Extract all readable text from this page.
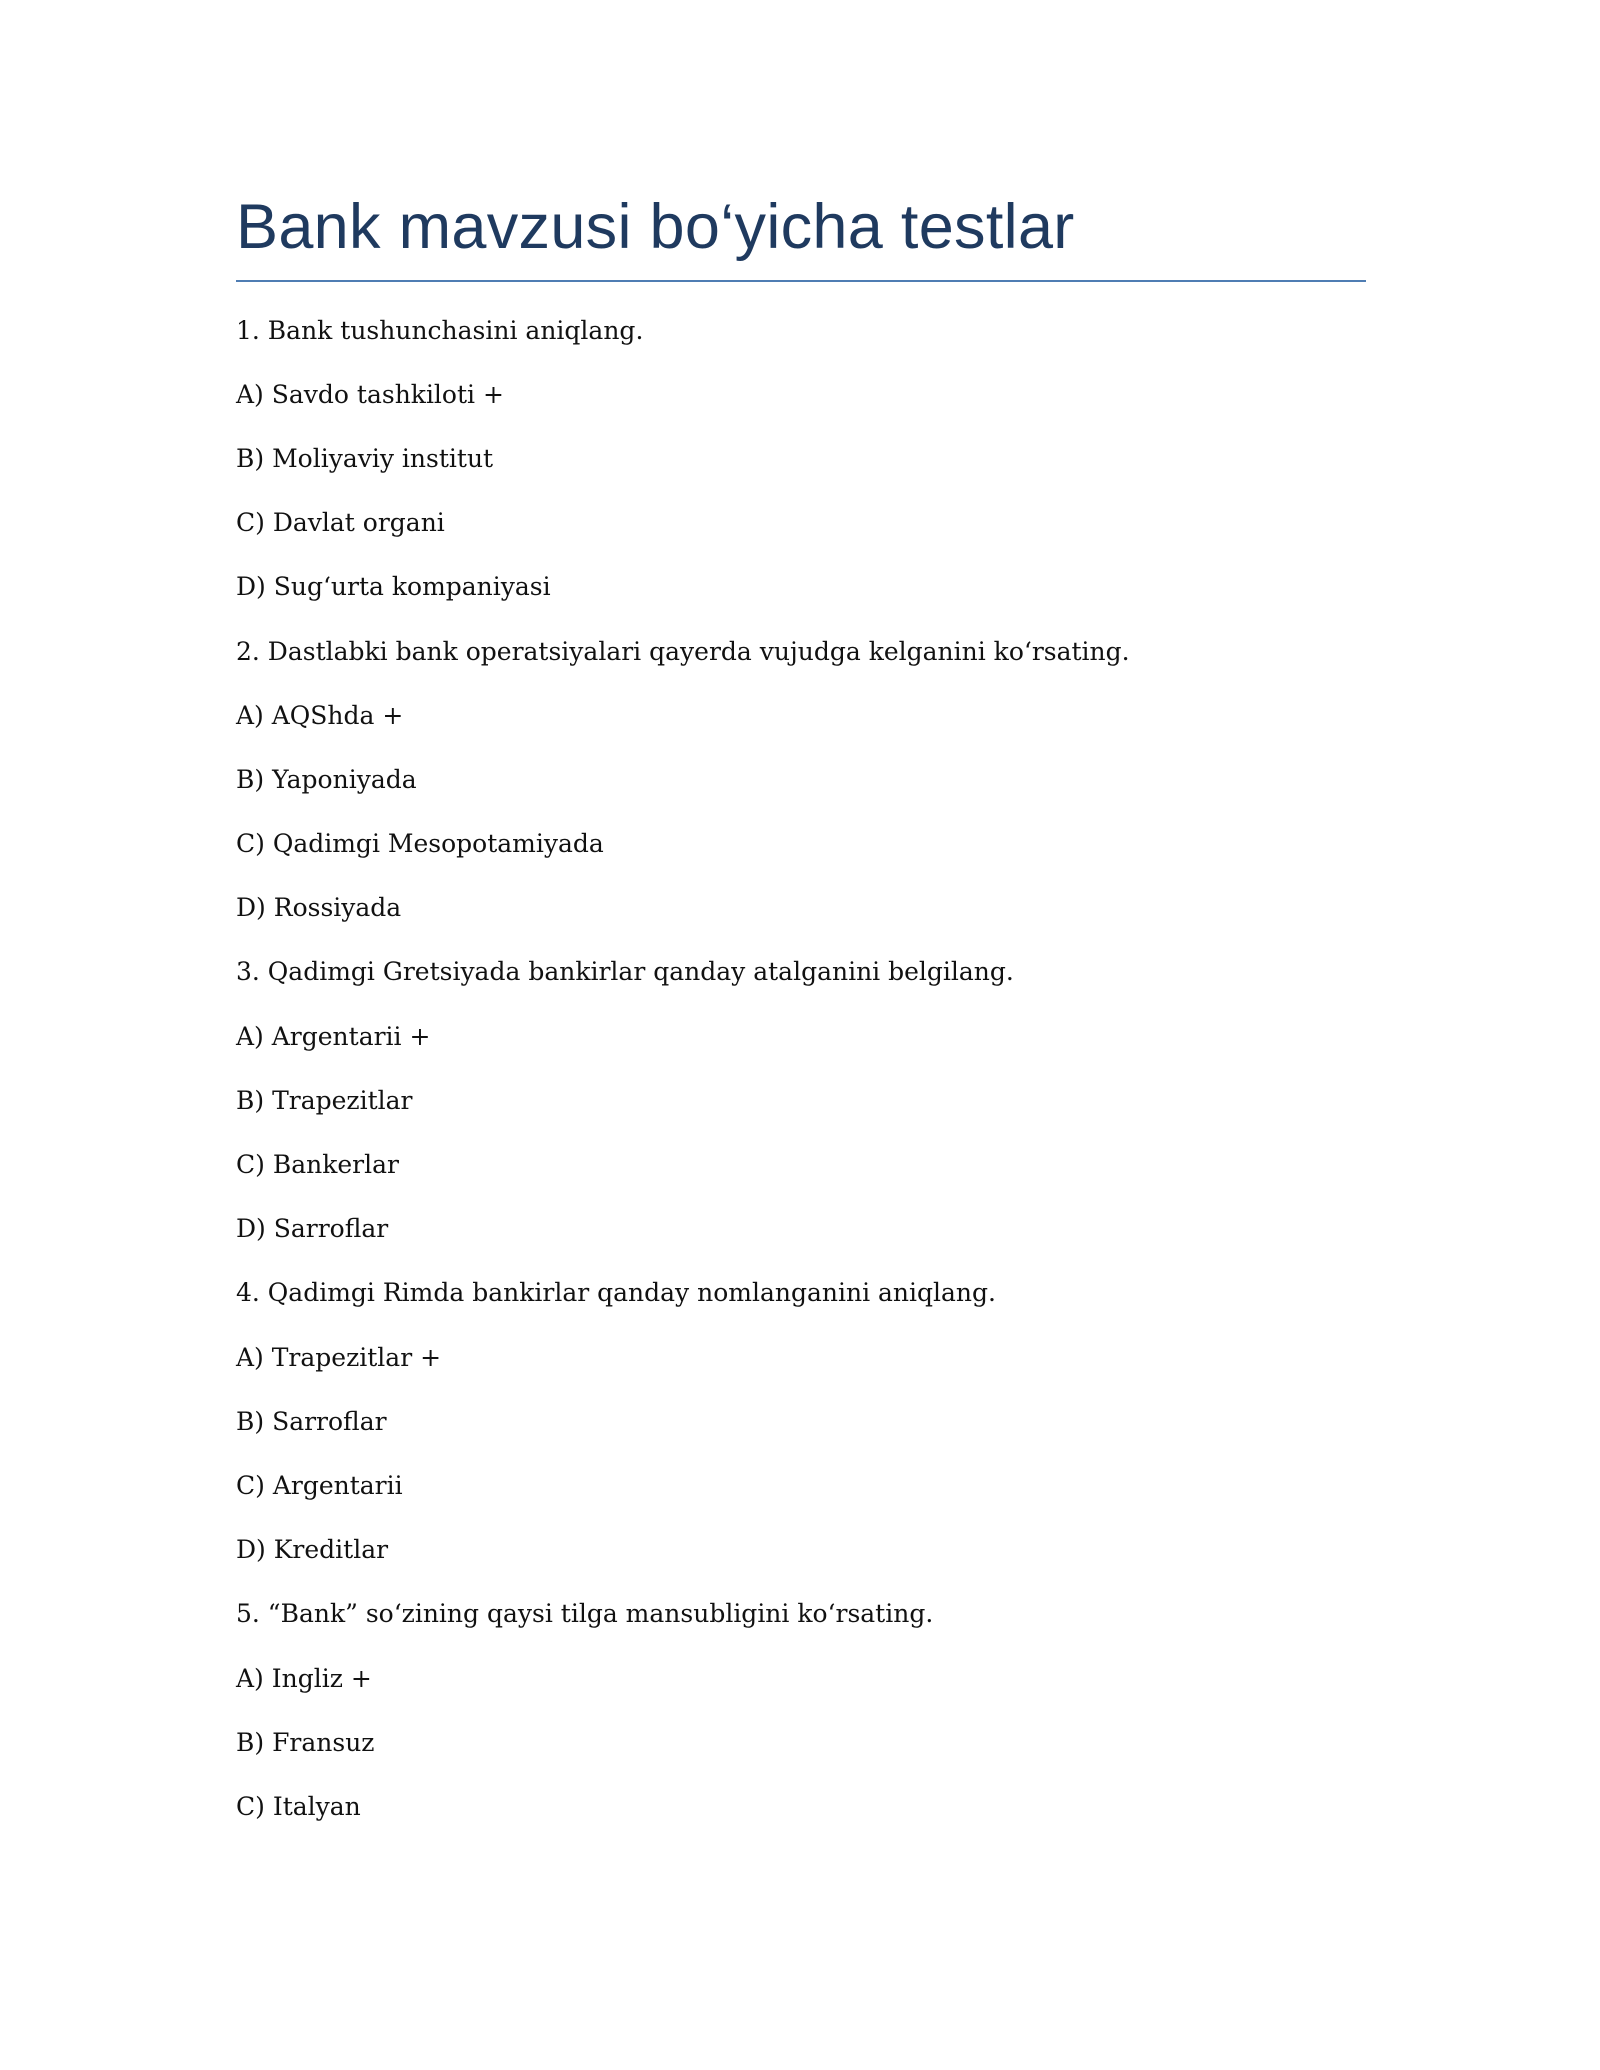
Bank mavzusi bo‘yicha testlar

1. Bank tushunchasini aniqlang.

A) Savdo tashkiloti +

B) Moliyaviy institut

C) Davlat organi

D) Sug‘urta kompaniyasi

2. Dastlabki bank operatsiyalari qayerda vujudga kelganini ko‘rsating.

A) AQShda +

B) Yaponiyada

C) Qadimgi Mesopotamiyada

D) Rossiyada

3. Qadimgi Gretsiyada bankirlar qanday atalganini belgilang.

A) Argentarii +

B) Trapezitlar

C) Bankerlar

D) Sarroflar

4. Qadimgi Rimda bankirlar qanday nomlanganini aniqlang.

A) Trapezitlar +

B) Sarroflar

C) Argentarii

D) Kreditlar

5. “Bank” so‘zining qaysi tilga mansubligini ko‘rsating.

A) Ingliz +

B) Fransuz

C) Italyan
